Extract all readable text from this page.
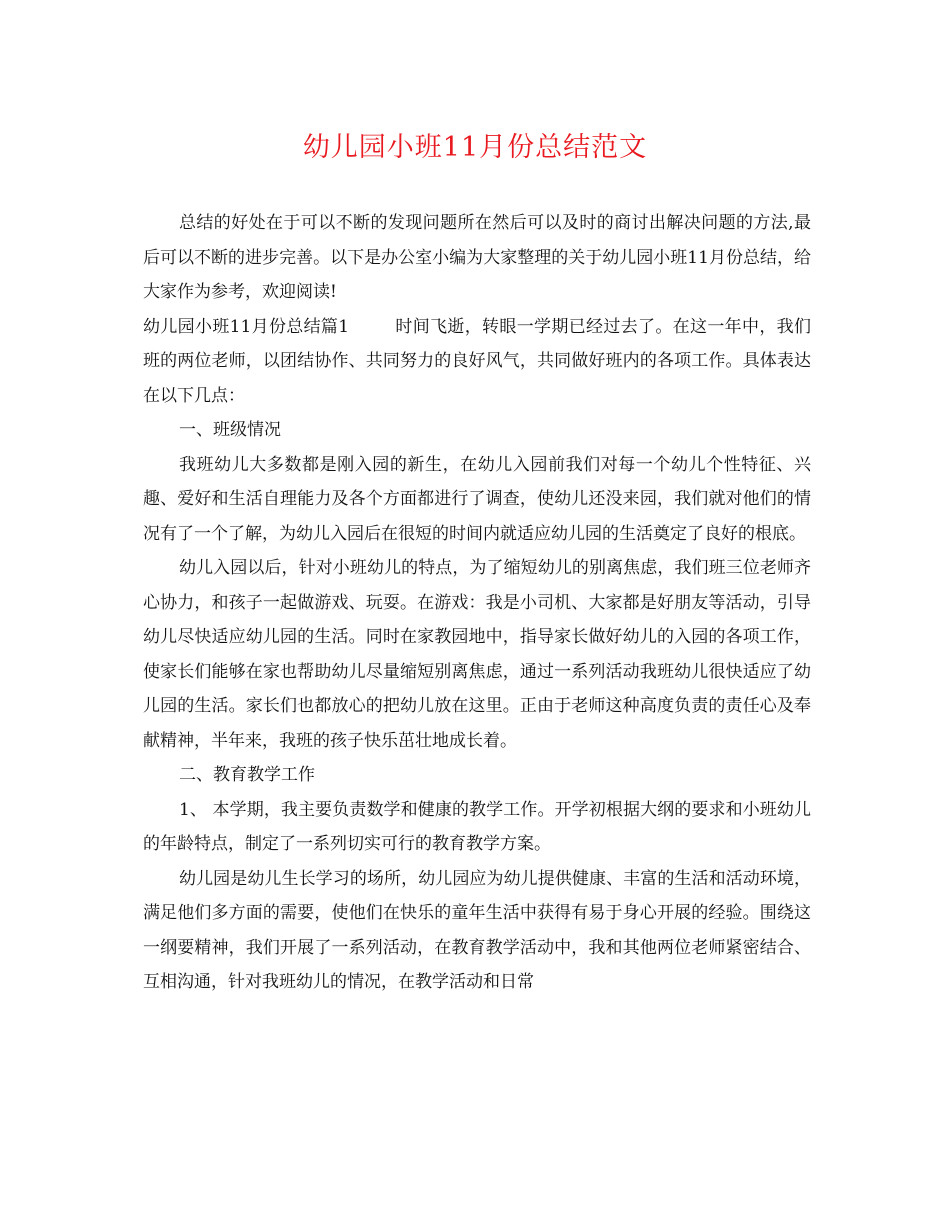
幼儿园小班11月份总结范文

总结的好处在于可以不断的发现问题所在然后可以及时的商讨出解决问题的方法,最后可以不断的进步完善。以下是办公室小编为大家整理的关于幼儿园小班11月份总结，给大家作为参考，欢迎阅读!

幼儿园小班11月份总结篇1	时间飞逝，转眼一学期已经过去了。在这一年中，我们班的两位老师，以团结协作、共同努力的良好风气，共同做好班内的各项工作。具体表达在以下几点：

一、班级情况

我班幼儿大多数都是刚入园的新生，在幼儿入园前我们对每一个幼儿个性特征、兴趣、爱好和生活自理能力及各个方面都进行了调查，使幼儿还没来园，我们就对他们的情况有了一个了解，为幼儿入园后在很短的时间内就适应幼儿园的生活奠定了良好的根底。

幼儿入园以后，针对小班幼儿的特点，为了缩短幼儿的别离焦虑，我们班三位老师齐心协力，和孩子一起做游戏、玩耍。在游戏：我是小司机、大家都是好朋友等活动，引导幼儿尽快适应幼儿园的生活。同时在家教园地中，指导家长做好幼儿的入园的各项工作，使家长们能够在家也帮助幼儿尽量缩短别离焦虑，通过一系列活动我班幼儿很快适应了幼儿园的生活。家长们也都放心的把幼儿放在这里。正由于老师这种高度负责的责任心及奉献精神，半年来，我班的孩子快乐茁壮地成长着。

二、教育教学工作

1、 本学期，我主要负责数学和健康的教学工作。开学初根据大纲的要求和小班幼儿的年龄特点，制定了一系列切实可行的教育教学方案。

幼儿园是幼儿生长学习的场所，幼儿园应为幼儿提供健康、丰富的生活和活动环境，满足他们多方面的需要，使他们在快乐的童年生活中获得有易于身心开展的经验。围绕这一纲要精神，我们开展了一系列活动，在教育教学活动中，我和其他两位老师紧密结合、互相沟通，针对我班幼儿的情况，在教学活动和日常
